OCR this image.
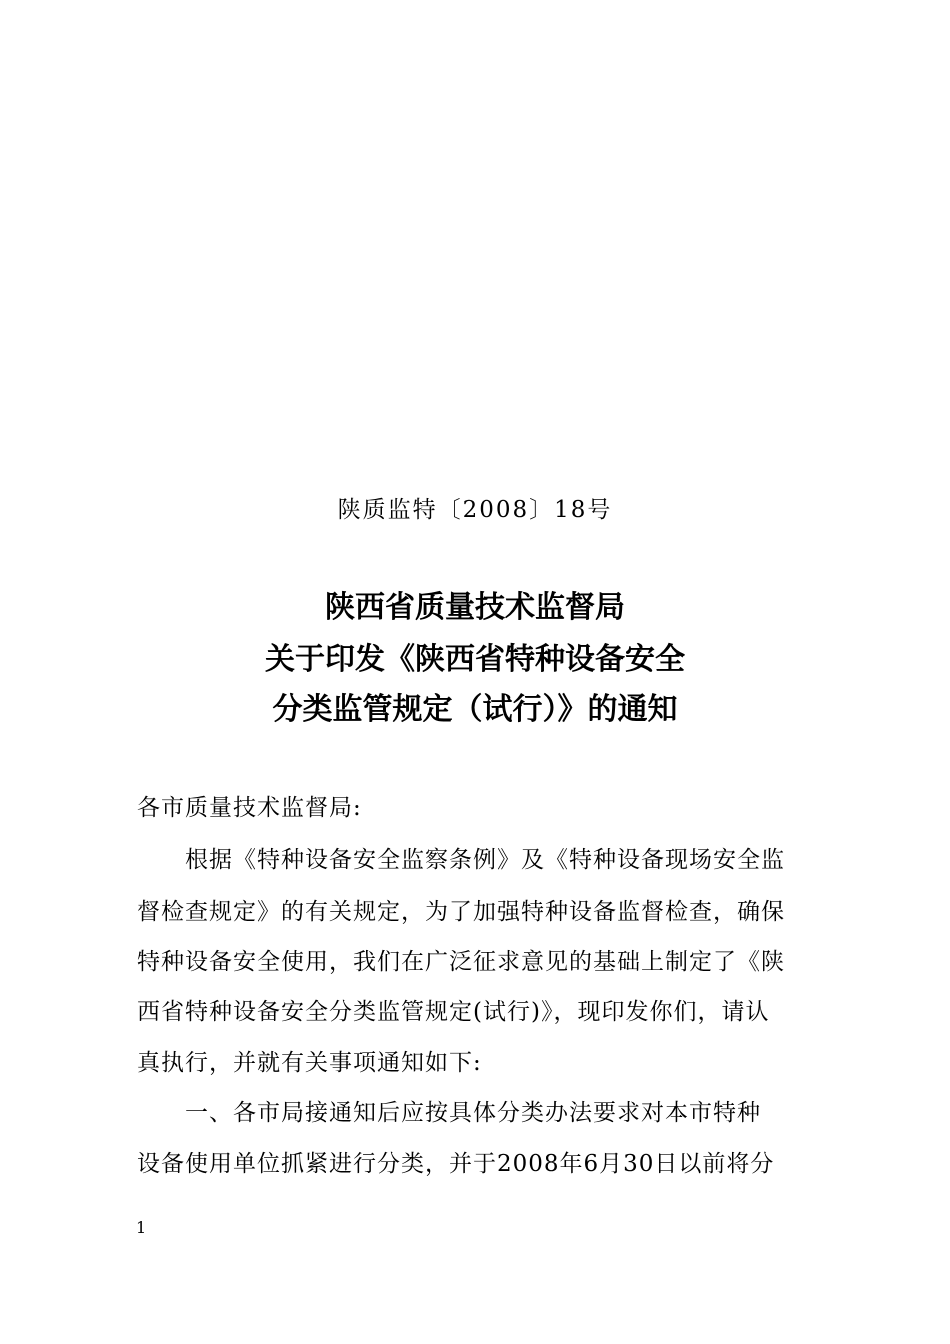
陕质监特〔2008〕18号
陕西省质量技术监督局
关于印发《陕西省特种设备安全
分类监管规定（试行）》的通知
各市质量技术监督局:
　　根据《特种设备安全监察条例》及《特种设备现场安全监
督检查规定》的有关规定，为了加强特种设备监督检查，确保
特种设备安全使用，我们在广泛征求意见的基础上制定了《陕
西省特种设备安全分类监管规定(试行)》，现印发你们，请认
真执行，并就有关事项通知如下:
　　一、各市局接通知后应按具体分类办法要求对本市特种
设备使用单位抓紧进行分类，并于2008年6月30日以前将分
1
